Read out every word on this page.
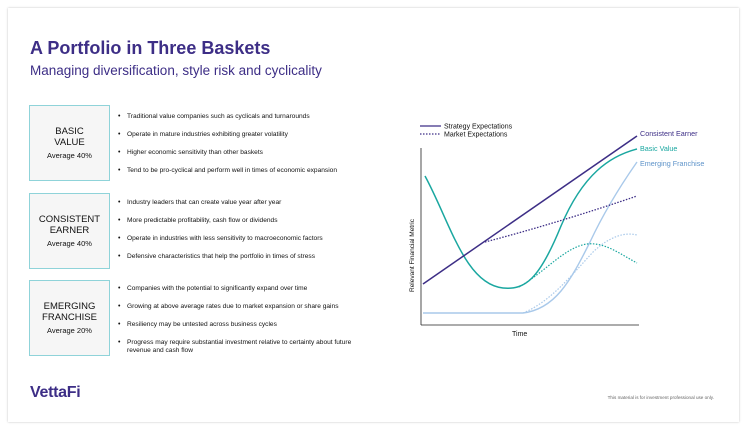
A Portfolio in Three Baskets
Managing diversification, style risk and cyclicality
BASIC
VALUE
Average 40%
• Traditional value companies such as cyclicals and turnarounds
• Operate in mature industries exhibiting greater volatility
• Higher economic sensitivity than other baskets
• Tend to be pro-cyclical and perform well in times of economic expansion
CONSISTENT
EARNER
Average 40%
• Industry leaders that can create value year after year
• More predictable profitability, cash flow or dividends
• Operate in industries with less sensitivity to macroeconomic factors
• Defensive characteristics that help the portfolio in times of stress
EMERGING
FRANCHISE
Average 20%
• Companies with the potential to significantly expand over time
• Growing at above average rates due to market expansion or share gains
• Resiliency may be untested across business cycles
• Progress may require substantial investment relative to certainty about future revenue and cash flow
Strategy Expectations
Market Expectations
Time
Relevant Financial Metric
Consistent Earner
Basic Value
Emerging Franchise
VettaFi	This material is for investment professional use only.
